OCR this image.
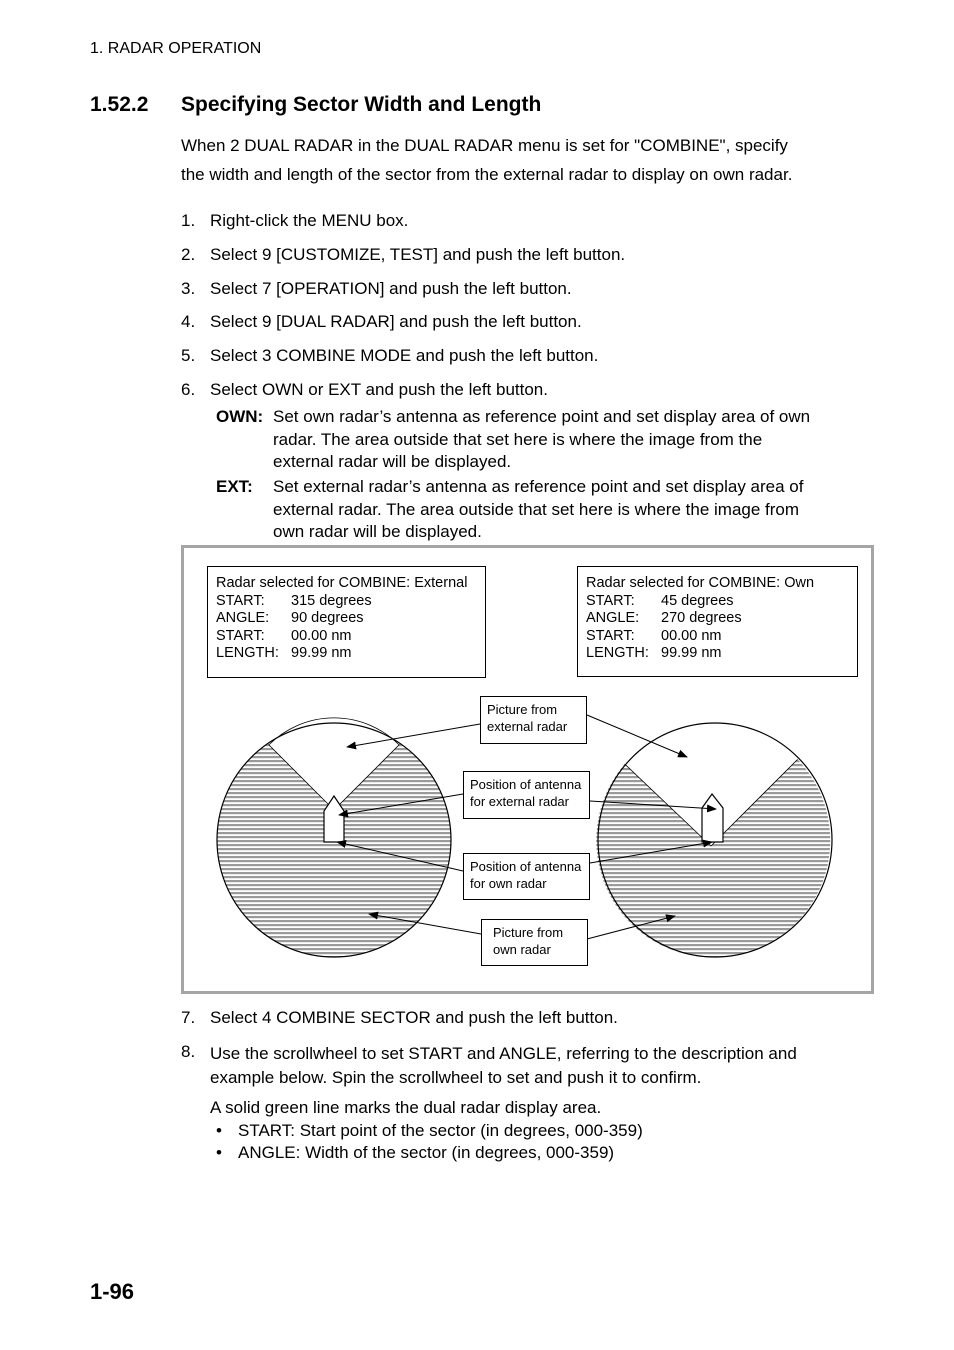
1. RADAR OPERATION
1.52.2 Specifying Sector Width and Length
When 2 DUAL RADAR in the DUAL RADAR menu is set for "COMBINE", specify
the width and length of the sector from the external radar to display on own radar.
1. Right-click the MENU box.
2. Select 9 [CUSTOMIZE, TEST] and push the left button.
3. Select 7 [OPERATION] and push the left button.
4. Select 9 [DUAL RADAR] and push the left button.
5. Select 3 COMBINE MODE and push the left button.
6. Select OWN or EXT and push the left button.
OWN: Set own radar’s antenna as reference point and set display area of own
radar. The area outside that set here is where the image from the
external radar will be displayed.
EXT: Set external radar’s antenna as reference point and set display area of
external radar. The area outside that set here is where the image from
own radar will be displayed.
Radar selected for COMBINE: External
START: 315 degrees
ANGLE: 90 degrees
START: 00.00 nm
LENGTH: 99.99 nm
Radar selected for COMBINE: Own
START: 45 degrees
ANGLE: 270 degrees
START: 00.00 nm
LENGTH: 99.99 nm
Picture from
external radar
Position of antenna
for external radar
Position of antenna
for own radar
Picture from
own radar
7. Select 4 COMBINE SECTOR and push the left button.
8. Use the scrollwheel to set START and ANGLE, referring to the description and
example below. Spin the scrollwheel to set and push it to confirm.
A solid green line marks the dual radar display area.
• START: Start point of the sector (in degrees, 000-359)
• ANGLE: Width of the sector (in degrees, 000-359)
1-96
